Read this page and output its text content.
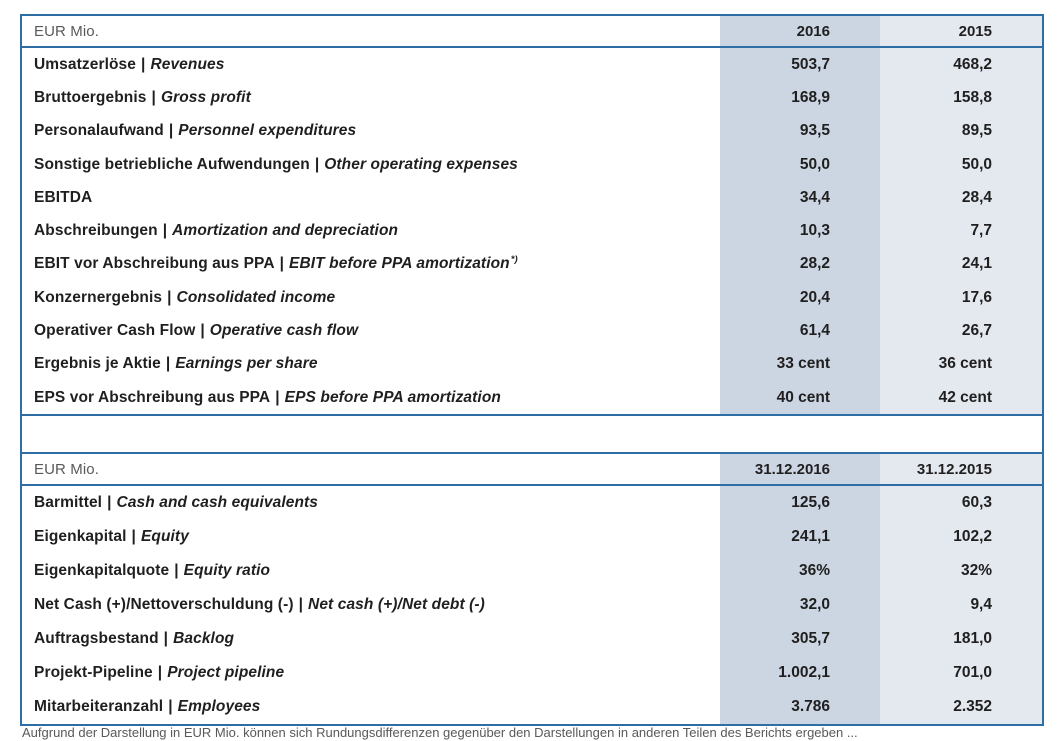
EUR Mio.	2016	2015
Umsatzerlöse | Revenues	503,7	468,2
Bruttoergebnis | Gross profit	168,9	158,8
Personalaufwand | Personnel expenditures	93,5	89,5
Sonstige betriebliche Aufwendungen | Other operating expenses	50,0	50,0
EBITDA	34,4	28,4
Abschreibungen | Amortization and depreciation	10,3	7,7
EBIT vor Abschreibung aus PPA | EBIT before PPA amortization *)	28,2	24,1
Konzernergebnis | Consolidated income	20,4	17,6
Operativer Cash Flow | Operative cash flow	61,4	26,7
Ergebnis je Aktie | Earnings per share	33 cent	36 cent
EPS vor Abschreibung aus PPA | EPS before PPA amortization	40 cent	42 cent
EUR Mio.	31.12.2016	31.12.2015
Barmittel | Cash and cash equivalents	125,6	60,3
Eigenkapital | Equity	241,1	102,2
Eigenkapitalquote | Equity ratio	36%	32%
Net Cash (+)/Nettoverschuldung (-) | Net cash (+)/Net debt (-)	32,0	9,4
Auftragsbestand | Backlog	305,7	181,0
Projekt-Pipeline | Project pipeline	1.002,1	701,0
Mitarbeiteranzahl | Employees	3.786	2.352
Aufgrund der Darstellung in EUR Mio. können sich Rundungsdifferenzen gegenüber den Darstellungen in anderen Teilen des Berichts ergeben ...
